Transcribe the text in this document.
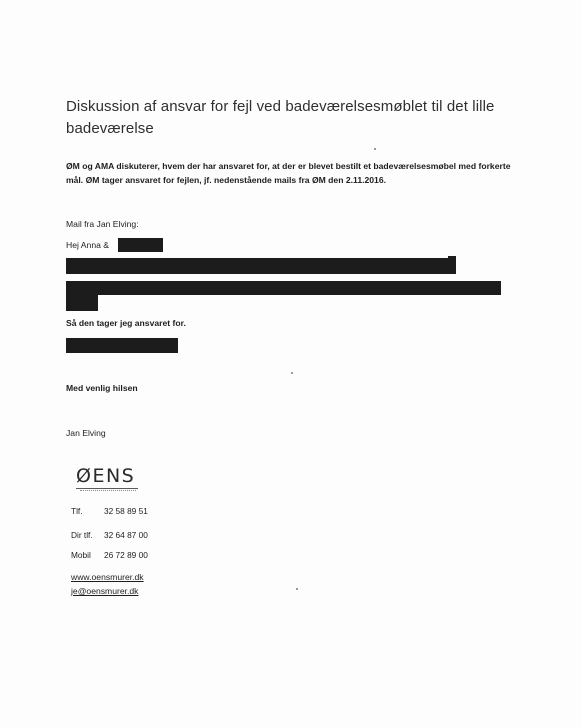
Diskussion af ansvar for fejl ved badeværelsesmøblet til det lille badeværelse
ØM og AMA diskuterer, hvem der har ansvaret for, at der er blevet bestilt et badeværelsesmøbel med forkerte mål. ØM tager ansvaret for fejlen, jf. nedenstående mails fra ØM den 2.11.2016.
Mail fra Jan Elving:
Hej Anna &
Så den tager jeg ansvaret for.
Med venlig hilsen
Jan Elving
ØENS
Tlf.	32 58 89 51
Dir tlf. 32 64 87 00
Mobil 26 72 89 00
www.oensmurer.dk
je@oensmurer.dk
